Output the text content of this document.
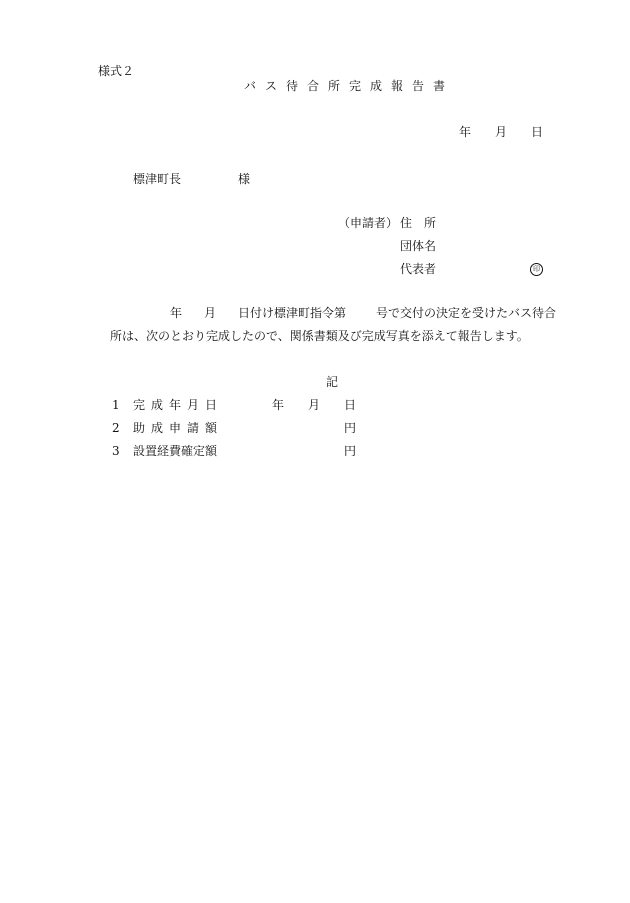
様式２
バス待合所完成報告書
年 月 日
標津町長	様
（申請者） 住　所
団体名
代表者	印
年 月 日付け標津町指令第 号で交付の決定を受けたバス待合
所は、次のとおり完成したので、関係書類及び完成写真を添えて報告します。
記
1 完成年月日	年　　月　　日
2 助成申請額	円
3 設置経費確定額	円
